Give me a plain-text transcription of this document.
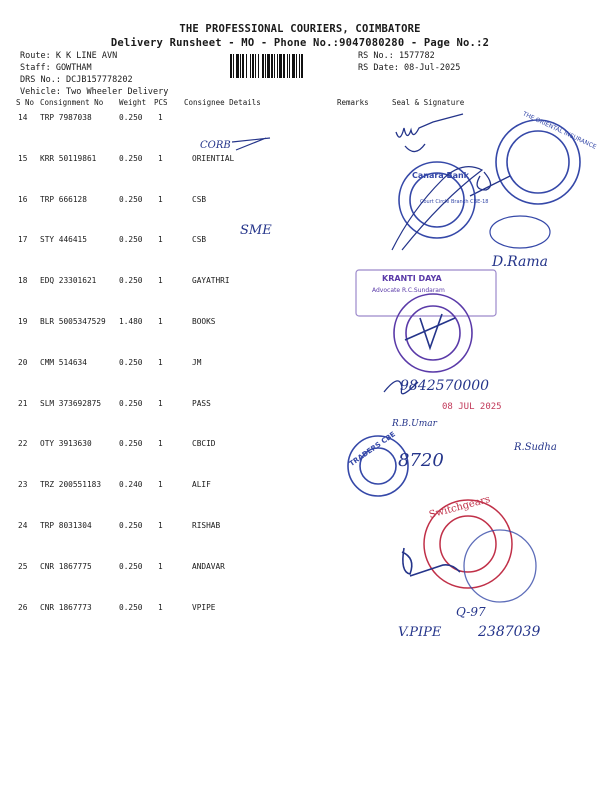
THE PROFESSIONAL COURIERS, COIMBATORE
Delivery Runsheet - MO - Phone No.:9047080280 - Page No.:2
Route: K K LINE AVN
Staff: GOWTHAM
DRS No.: DCJB157778202
Vehicle: Two Wheeler Delivery
RS No.: 1577782
RS Date: 08-Jul-2025
S No Consignment No Weight PCS Consignee Details	Remarks	Seal & Signature
14 TRP 7987038	0.250 1
15 KRR 50119861	0.250 1	ORIENTIAL
16 TRP 666128	0.250 1	CSB
17 STY 446415	0.250 1	CSB
18 EDQ 23301621	0.250 1	GAYATHRI
19 BLR 5005347529 1.480 1	BOOKS
20 CMM 514634	0.250 1	JM
21 SLM 373692875 0.250 1	PASS
22 OTY 3913630	0.250 1	CBCID
23 TRZ 200551183 0.240 1	ALIF
24 TRP 8031304	0.250 1	RISHAB
25 CNR 1867775	0.250 1	ANDAVAR
26 CNR 1867773	0.250 1	VPIPE
CORB
SME
THE ORIENTAL INSURANCE
Canara Bank
Court Circle Branch CBE-18
D.Rama
KRANTI DAYA
Advocate R.C.Sundaram
9842570000
08 JUL 2025
R.B.Umar
TRADERS CBE 8720
R.Sudha
Switchgears
V.PIPE
Q-97
2387039
